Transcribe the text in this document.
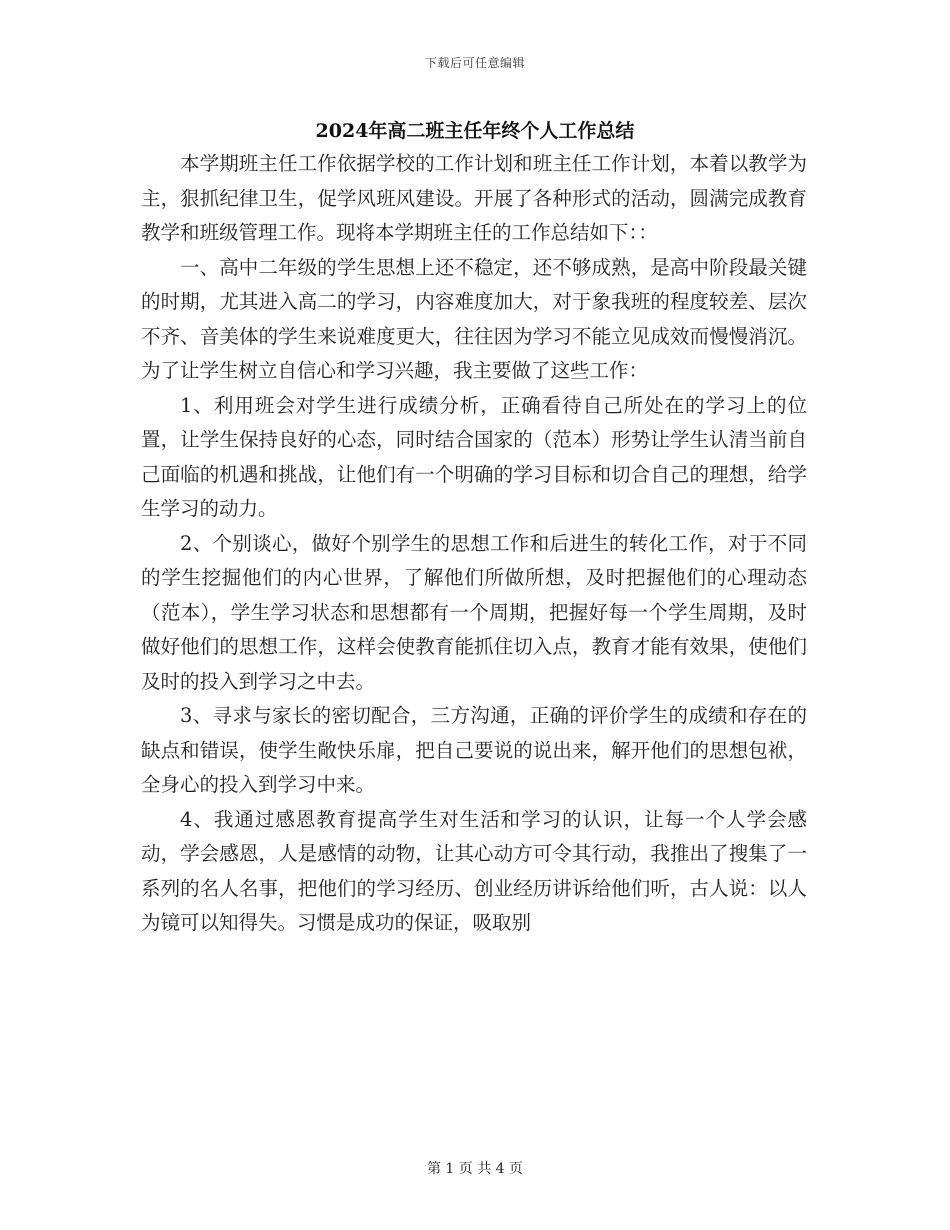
下载后可任意编辑
2024年高二班主任年终个人工作总结

本学期班主任工作依据学校的工作计划和班主任工作计划，本着以教学为主，狠抓纪律卫生，促学风班风建设。开展了各种形式的活动，圆满完成教育教学和班级管理工作。现将本学期班主任的工作总结如下：：

一、高中二年级的学生思想上还不稳定，还不够成熟，是高中阶段最关键的时期，尤其进入高二的学习，内容难度加大，对于象我班的程度较差、层次不齐、音美体的学生来说难度更大，往往因为学习不能立见成效而慢慢消沉。为了让学生树立自信心和学习兴趣，我主要做了这些工作：

1、利用班会对学生进行成绩分析，正确看待自己所处在的学习上的位置，让学生保持良好的心态，同时结合国家的（范本）形势让学生认清当前自己面临的机遇和挑战，让他们有一个明确的学习目标和切合自己的理想，给学生学习的动力。

2、个别谈心，做好个别学生的思想工作和后进生的转化工作，对于不同的学生挖掘他们的内心世界，了解他们所做所想，及时把握他们的心理动态（范本），学生学习状态和思想都有一个周期，把握好每一个学生周期，及时做好他们的思想工作，这样会使教育能抓住切入点，教育才能有效果，使他们及时的投入到学习之中去。

3、寻求与家长的密切配合，三方沟通，正确的评价学生的成绩和存在的缺点和错误，使学生敞快乐扉，把自己要说的说出来，解开他们的思想包袱，全身心的投入到学习中来。

4、我通过感恩教育提高学生对生活和学习的认识，让每一个人学会感动，学会感恩，人是感情的动物，让其心动方可令其行动，我推出了搜集了一系列的名人名事，把他们的学习经历、创业经历讲诉给他们听，古人说：以人为镜可以知得失。习惯是成功的保证，吸取别

第 1 页 共 4 页
